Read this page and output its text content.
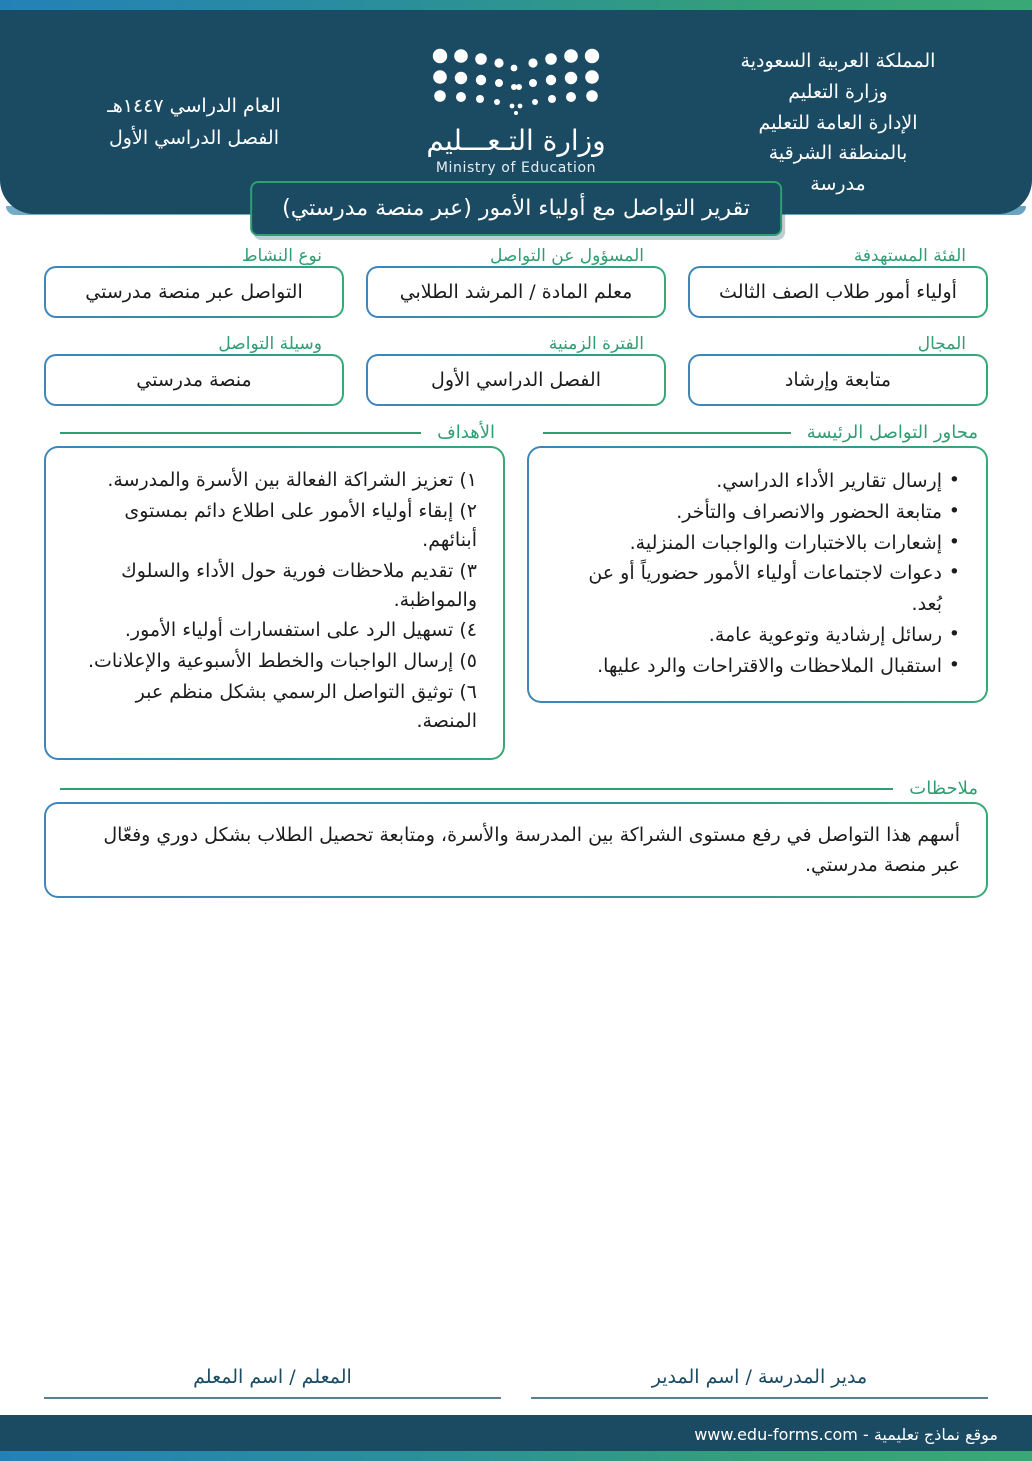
المملكة العربية السعودية
وزارة التعليم
الإدارة العامة للتعليم
بالمنطقة الشرقية
مدرسة
وزارة التـعـــليم
Ministry of Education
العام الدراسي ١٤٤٧هـ
الفصل الدراسي الأول
تقرير التواصل مع أولياء الأمور (عبر منصة مدرستي)
الفئة المستهدفة
أولياء أمور طلاب الصف الثالث
المسؤول عن التواصل
معلم المادة / المرشد الطلابي
نوع النشاط
التواصل عبر منصة مدرستي
المجال
متابعة وإرشاد
الفترة الزمنية
الفصل الدراسي الأول
وسيلة التواصل
منصة مدرستي
محاور التواصل الرئيسة
• إرسال تقارير الأداء الدراسي.
• متابعة الحضور والانصراف والتأخر.
• إشعارات بالاختبارات والواجبات المنزلية.
• دعوات لاجتماعات أولياء الأمور حضورياً أو عن بُعد.
• رسائل إرشادية وتوعوية عامة.
• استقبال الملاحظات والاقتراحات والرد عليها.
الأهداف
١) تعزيز الشراكة الفعالة بين الأسرة والمدرسة.
٢) إبقاء أولياء الأمور على اطلاع دائم بمستوى أبنائهم.
٣) تقديم ملاحظات فورية حول الأداء والسلوك والمواظبة.
٤) تسهيل الرد على استفسارات أولياء الأمور.
٥) إرسال الواجبات والخطط الأسبوعية والإعلانات.
٦) توثيق التواصل الرسمي بشكل منظم عبر المنصة.
ملاحظات

أسهم هذا التواصل في رفع مستوى الشراكة بين المدرسة والأسرة، ومتابعة تحصيل الطلاب بشكل دوري وفعّال عبر منصة مدرستي.

مدير المدرسة / اسم المدير
المعلم / اسم المعلم
موقع نماذج تعليمية - www.edu-forms.com
